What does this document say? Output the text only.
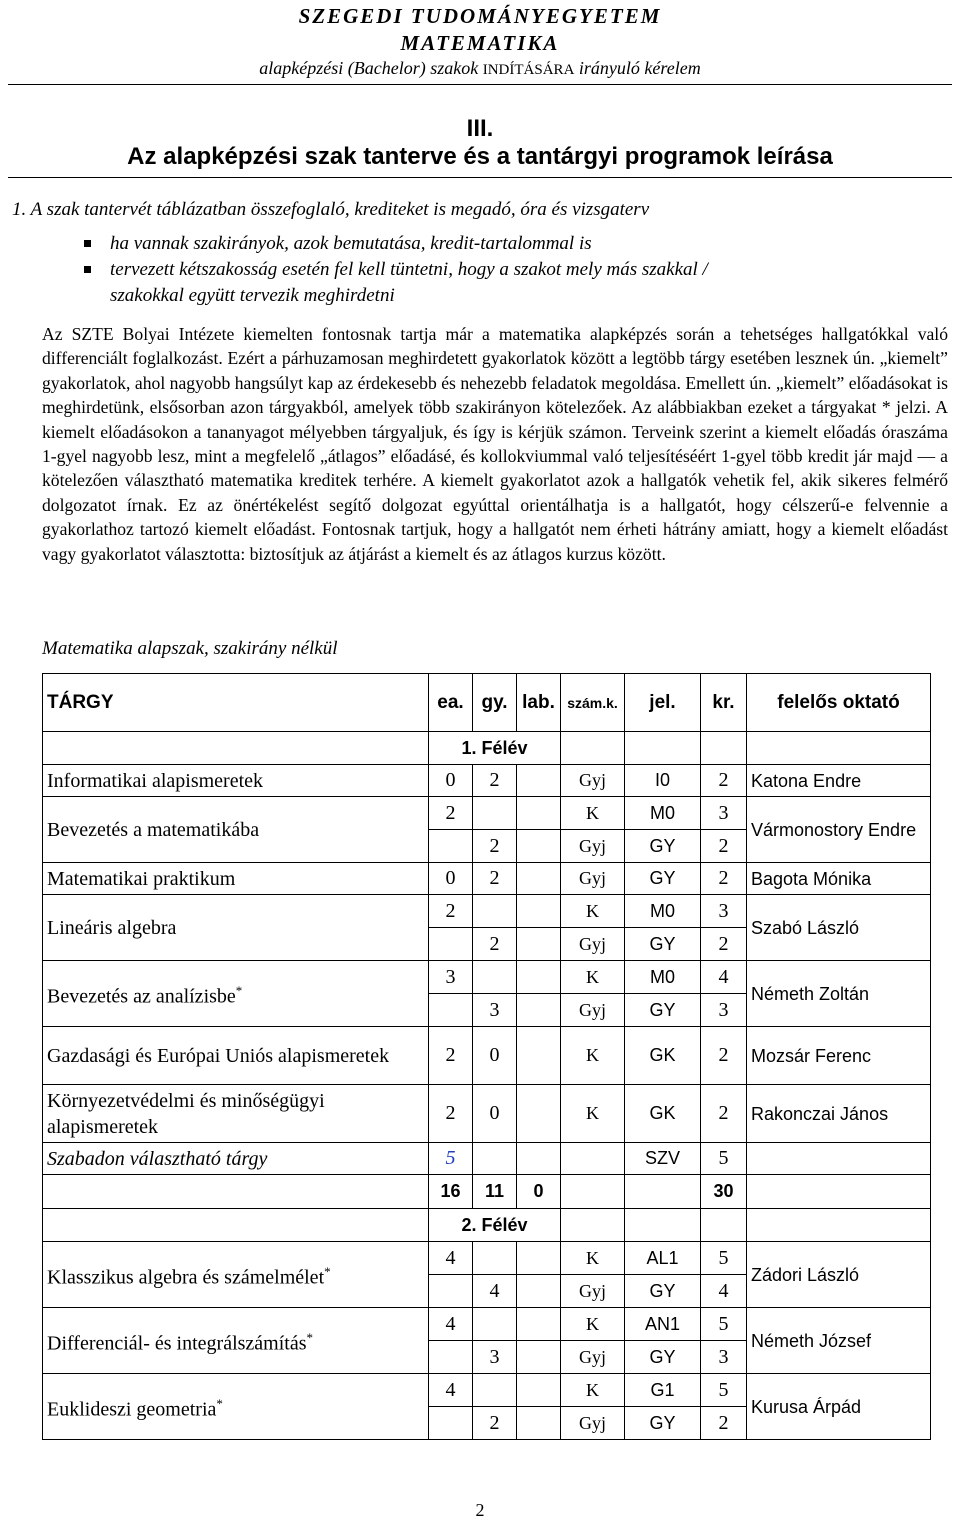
SZEGEDI TUDOMÁNYEGYETEM
MATEMATIKA
alapképzési (Bachelor) szakok INDÍTÁSÁRA irányuló kérelem
III.
Az alapképzési szak tanterve és a tantárgyi programok leírása
1. A szak tantervét táblázatban összefoglaló, krediteket is megadó, óra és vizsgaterv
ha vannak szakirányok, azok bemutatása, kredit-tartalommal is
tervezett kétszakosság esetén fel kell tüntetni, hogy a szakot mely más szakkal /
szakokkal együtt tervezik meghirdetni

Az SZTE Bolyai Intézete kiemelten fontosnak tartja már a matematika alapképzés során a tehetséges hallgatókkal való differenciált foglalkozást. Ezért a párhuzamosan meghirdetett gyakorlatok között a legtöbb tárgy esetében lesznek ún. „kiemelt” gyakorlatok, ahol nagyobb hangsúlyt kap az érdekesebb és nehezebb feladatok megoldása. Emellett ún. „kiemelt” előadásokat is meghirdetünk, elsősorban azon tárgyakból, amelyek több szakirányon kötelezőek. Az alábbiakban ezeket a tárgyakat * jelzi. A kiemelt előadásokon a tananyagot mélyebben tárgyaljuk, és így is kérjük számon. Terveink szerint a kiemelt előadás óraszáma 1-gyel nagyobb lesz, mint a megfelelő „átlagos” előadásé, és kollokviummal való teljesítéséért 1-gyel több kredit jár majd — a kötelezően választható matematika kreditek terhére. A kiemelt gyakorlatot azok a hallgatók vehetik fel, akik sikeres felmérő dolgozatot írnak. Ez az önértékelést segítő dolgozat egyúttal orientálhatja is a hallgatót, hogy célszerű-e felvennie a gyakorlathoz tartozó kiemelt előadást. Fontosnak tartjuk, hogy a hallgatót nem érheti hátrány amiatt, hogy a kiemelt előadást vagy gyakorlatot választotta: biztosítjuk az átjárást a kiemelt és az átlagos kurzus között.

Matematika alapszak, szakirány nélkül
TÁRGY	ea.	gy.	lab.	szám.k.	jel.	kr.	felelős oktató
	1. Félév						
Informatikai alapismeretek	0	2		Gyj	I0	2	Katona Endre
Bevezetés a matematikába	2			K	M0	3	Vármonostory Endre
		2		Gyj	GY	2	
Matematikai praktikum	0	2		Gyj	GY	2	Bagota Mónika
Lineáris algebra	2			K	M0	3	Szabó László
		2		Gyj	GY	2	
Bevezetés az analízisbe*	3			K	M0	4	Németh Zoltán
		3		Gyj	GY	3	
Gazdasági és Európai Uniós alapismeretek	2	0		K	GK	2	Mozsár Ferenc
Környezetvédelmi és minőségügyi alapismeretek	2	0		K	GK	2	Rakonczai János
Szabadon választható tárgy	5				SZV	5	
	16	11	0			30	
	2. Félév						
Klasszikus algebra és számelmélet*	4			K	AL1	5	Zádori László
		4		Gyj	GY	4	
Differenciál- és integrálszámítás*	4			K	AN1	5	Németh József
		3		Gyj	GY	3	
Euklideszi geometria*	4			K	G1	5	Kurusa Árpád
		2		Gyj	GY	2	
2
